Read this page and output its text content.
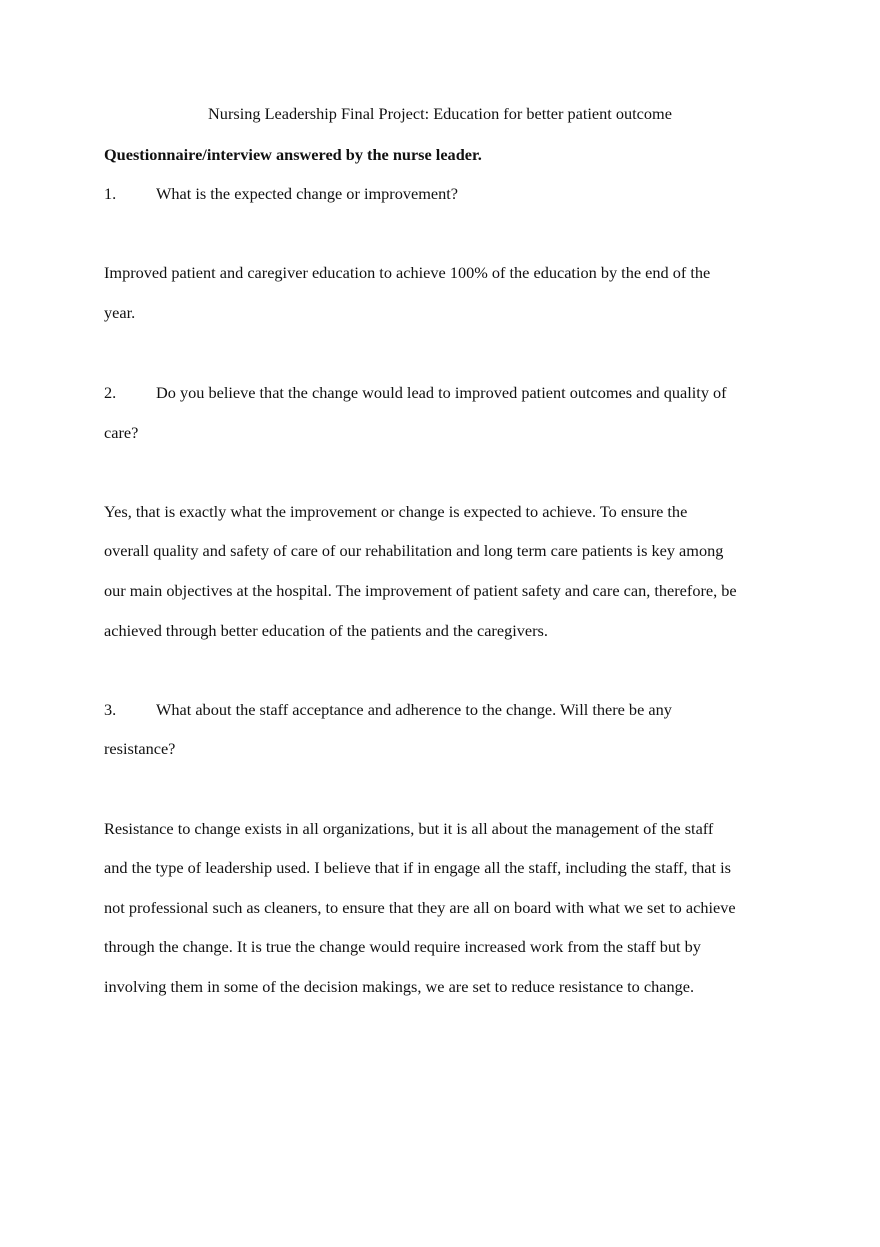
Nursing Leadership Final Project: Education for better patient outcome
Questionnaire/interview answered by the nurse leader.
1. What is the expected change or improvement?
Improved patient and caregiver education to achieve 100% of the education by the end of the
year.
2. Do you believe that the change would lead to improved patient outcomes and quality of
care?
Yes, that is exactly what the improvement or change is expected to achieve. To ensure the
overall quality and safety of care of our rehabilitation and long term care patients is key among
our main objectives at the hospital. The improvement of patient safety and care can, therefore, be
achieved through better education of the patients and the caregivers.
3. What about the staff acceptance and adherence to the change. Will there be any
resistance?
Resistance to change exists in all organizations, but it is all about the management of the staff
and the type of leadership used. I believe that if in engage all the staff, including the staff, that is
not professional such as cleaners, to ensure that they are all on board with what we set to achieve
through the change. It is true the change would require increased work from the staff but by
involving them in some of the decision makings, we are set to reduce resistance to change.
